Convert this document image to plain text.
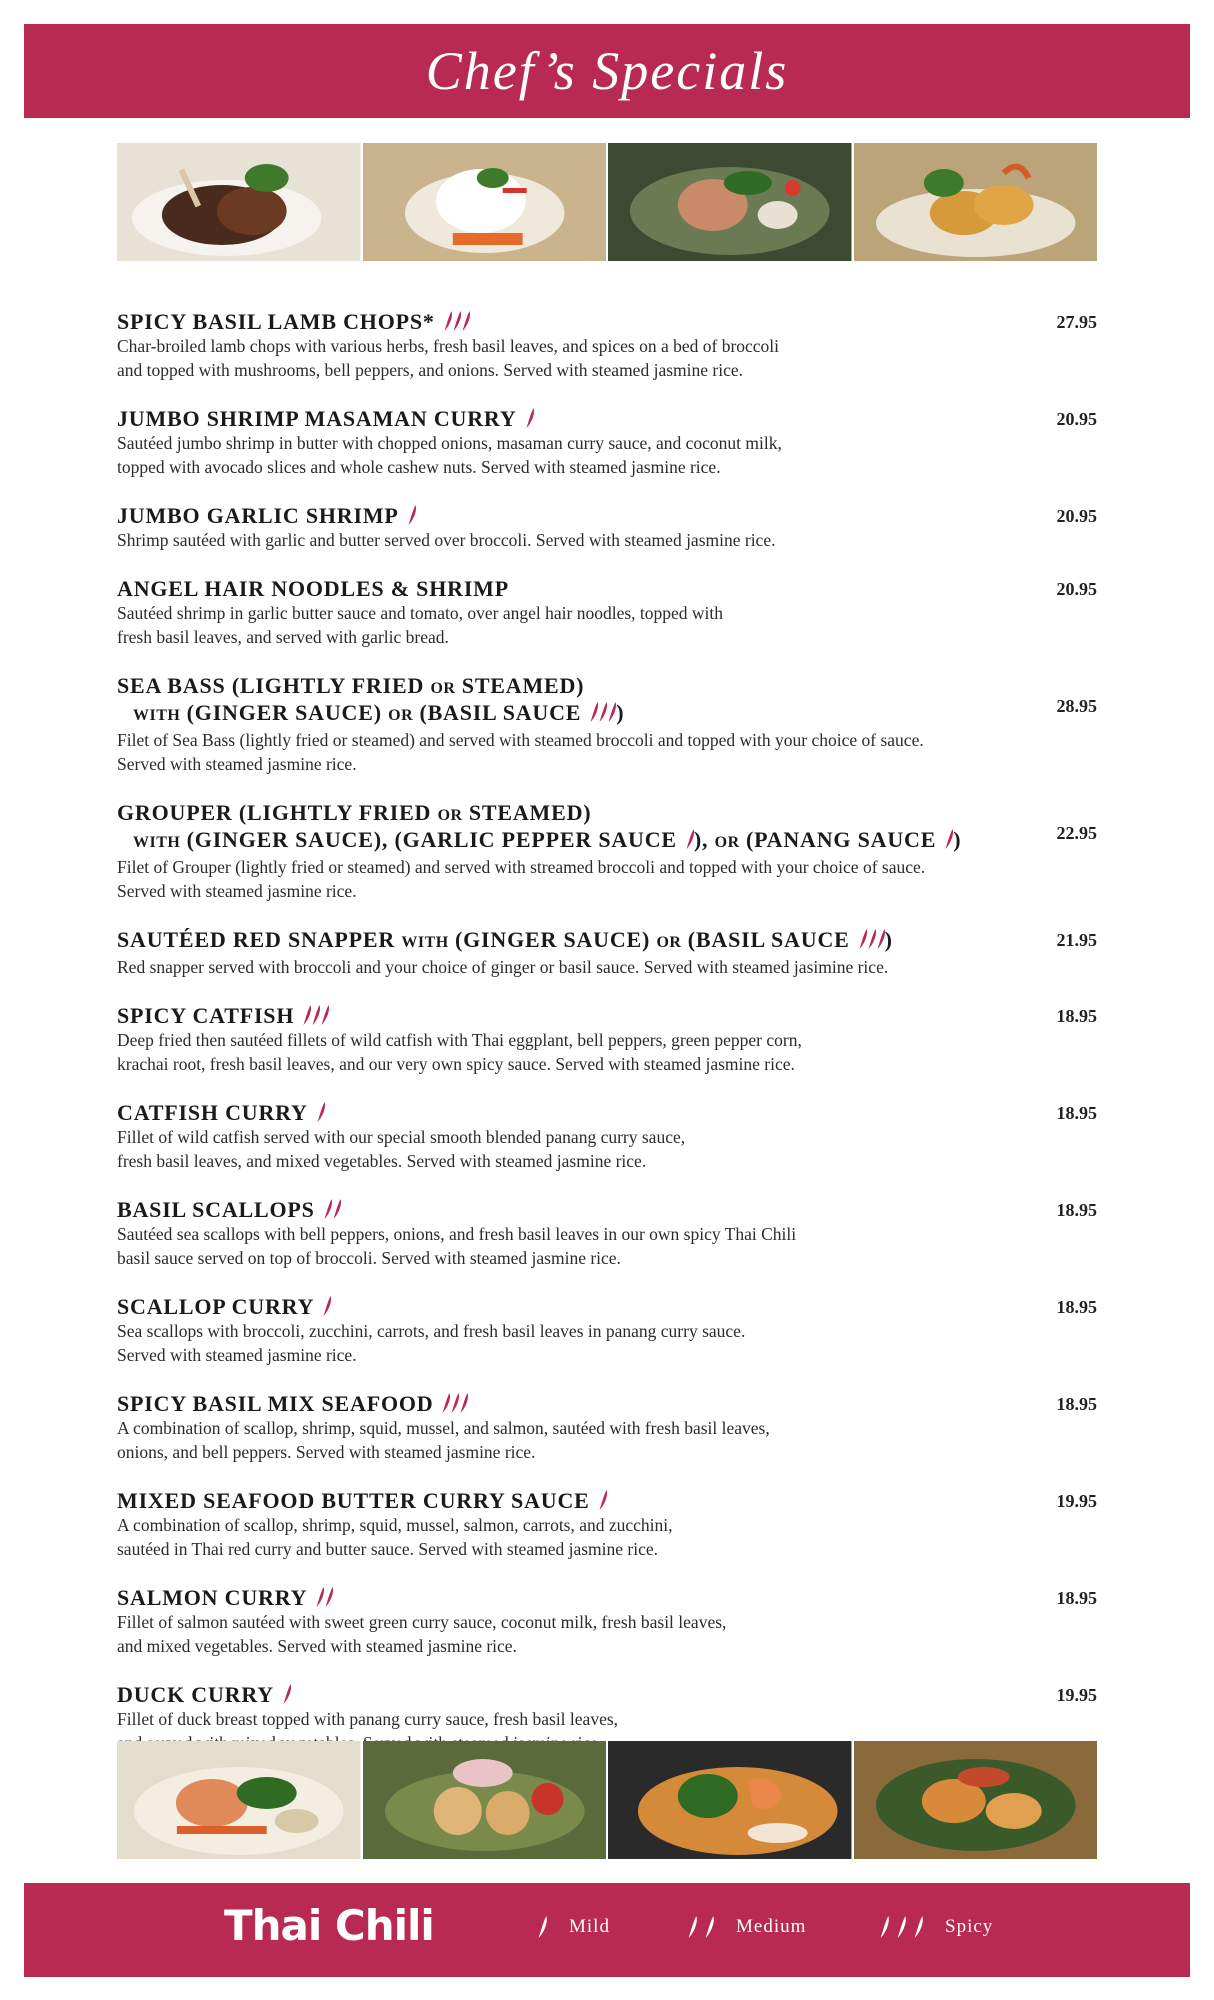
Chef’s Specials
SPICY BASIL LAMB CHOPS*	27.95
Char-broiled lamb chops with various herbs, fresh basil leaves, and spices on a bed of broccoli
and topped with mushrooms, bell peppers, and onions. Served with steamed jasmine rice.
JUMBO SHRIMP MASAMAN CURRY	20.95
Sautéed jumbo shrimp in butter with chopped onions, masaman curry sauce, and coconut milk,
topped with avocado slices and whole cashew nuts. Served with steamed jasmine rice.
JUMBO GARLIC SHRIMP	20.95
Shrimp sautéed with garlic and butter served over broccoli. Served with steamed jasmine rice.
ANGEL HAIR NOODLES & SHRIMP	20.95
Sautéed shrimp in garlic butter sauce and tomato, over angel hair noodles, topped with
fresh basil leaves, and served with garlic bread.
SEA BASS (LIGHTLY FRIED OR STEAMED)
WITH (GINGER SAUCE) OR (BASIL SAUCE )	28.95
Filet of Sea Bass (lightly fried or steamed) and served with steamed broccoli and topped with your choice of sauce.
Served with steamed jasmine rice.
GROUPER (LIGHTLY FRIED OR STEAMED)
WITH (GINGER SAUCE), (GARLIC PEPPER SAUCE ), OR (PANANG SAUCE )	22.95
Filet of Grouper (lightly fried or steamed) and served with streamed broccoli and topped with your choice of sauce.
Served with steamed jasmine rice.
SAUTÉED RED SNAPPER WITH (GINGER SAUCE) OR (BASIL SAUCE )	21.95
Red snapper served with broccoli and your choice of ginger or basil sauce. Served with steamed jasimine rice.
SPICY CATFISH	18.95
Deep fried then sautéed fillets of wild catfish with Thai eggplant, bell peppers, green pepper corn,
krachai root, fresh basil leaves, and our very own spicy sauce. Served with steamed jasmine rice.
CATFISH CURRY	18.95
Fillet of wild catfish served with our special smooth blended panang curry sauce,
fresh basil leaves, and mixed vegetables. Served with steamed jasmine rice.
BASIL SCALLOPS	18.95
Sautéed sea scallops with bell peppers, onions, and fresh basil leaves in our own spicy Thai Chili
basil sauce served on top of broccoli. Served with steamed jasmine rice.
SCALLOP CURRY	18.95
Sea scallops with broccoli, zucchini, carrots, and fresh basil leaves in panang curry sauce.
Served with steamed jasmine rice.
SPICY BASIL MIX SEAFOOD	18.95
A combination of scallop, shrimp, squid, mussel, and salmon, sautéed with fresh basil leaves,
onions, and bell peppers. Served with steamed jasmine rice.
MIXED SEAFOOD BUTTER CURRY SAUCE	19.95
A combination of scallop, shrimp, squid, mussel, salmon, carrots, and zucchini,
sautéed in Thai red curry and butter sauce. Served with steamed jasmine rice.
SALMON CURRY	18.95
Fillet of salmon sautéed with sweet green curry sauce, coconut milk, fresh basil leaves,
and mixed vegetables. Served with steamed jasmine rice.
DUCK CURRY	19.95
Fillet of duck breast topped with panang curry sauce, fresh basil leaves,
Thai Chili	Mild	Medium	Spicy
